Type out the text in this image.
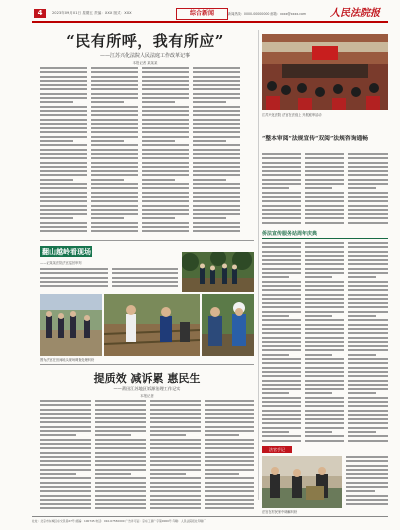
4	2023年09月01日 星期五 责编：XXX 版式：XXX	综合新闻	新闻热线：0000-00000000 邮箱：xxxx@xxxx.com 人民法院报
“民有所呼，我有所应”
——江苏兴化法院人民法庭工作改革记事
本报记者 某某某
江苏兴化法院 法官在法庭上 开展庭审活动
“整本审阅”法规宣传“双阅”法规咨询通畅
侨法宣传服务站周年庆典
翻山越岭看现场
——记某某法院法官巡回审判
图为法官在田间地头现场调查处理纠纷
提质效 减诉累 惠民生
——莆田江苏地区诉源治理工作记实
本报记者
法官手记
法官在村民家中调解纠纷
社址：北京市东城区东交民巷27号 邮编：100745 电话：010-67550000 广告许可证：京东工商广字第0000号 印刷：人民法院报社印刷厂
